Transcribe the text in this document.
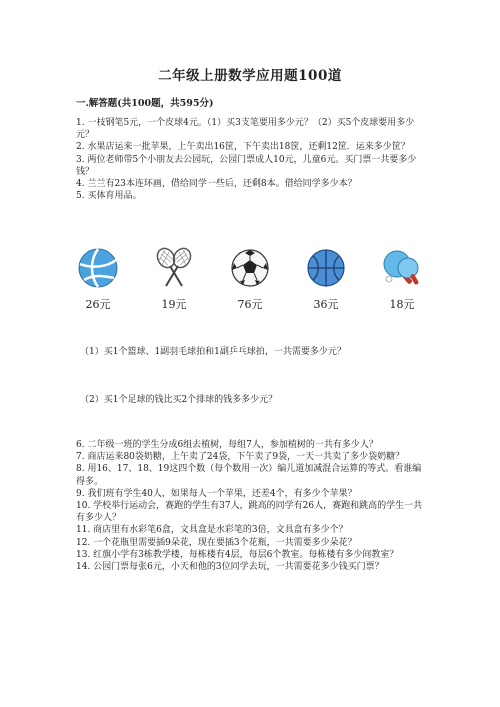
二年级上册数学应用题100道
一.解答题(共100题，共595分)

1. 一枝钢笔5元，一个皮球4元。（1）买3支笔要用多少元？（2）买5个皮球要用多少元？

2. 水果店运来一批苹果，上午卖出16筐，下午卖出18筐，还剩12筐．运来多少筐？

3. 两位老师带5个小朋友去公园玩，公园门票成人10元，儿童6元。买门票一共要多少钱？

4. 兰兰有23本连环画，借给同学一些后，还剩8本。借给同学多少本？

5. 买体育用品。

26元	19元	76元	36元	18元
（1）买1个篮球、1副羽毛球拍和1副乒乓球拍，一共需要多少元？
（2）买1个足球的钱比买2个排球的钱多多少元？

6. 二年级一班的学生分成6组去植树，每组7人，参加植树的一共有多少人？

7. 商店运来80袋奶糖，上午卖了24袋，下午卖了9袋，一天一共卖了多少袋奶糖？

8. 用16、17、18、19这四个数（每个数用一次）编儿道加减混合运算的等式。看谁编得多。

9. 我们班有学生40人，如果每人一个苹果，还差4个，有多少个苹果？

10. 学校举行运动会，赛跑的学生有37人，跳高的同学有26人，赛跑和跳高的学生一共有多少人？

11. 商店里有水彩笔6盒，文具盒是水彩笔的3倍，文具盒有多少个？

12. 一个花瓶里需要插9朵花，现在要插3个花瓶，一共需要多少朵花？

13. 红旗小学有3栋教学楼，每栋楼有4层，每层6个教室。每栋楼有多少间教室？

14. 公园门票每张6元，小天和他的3位同学去玩，一共需要花多少钱买门票？
